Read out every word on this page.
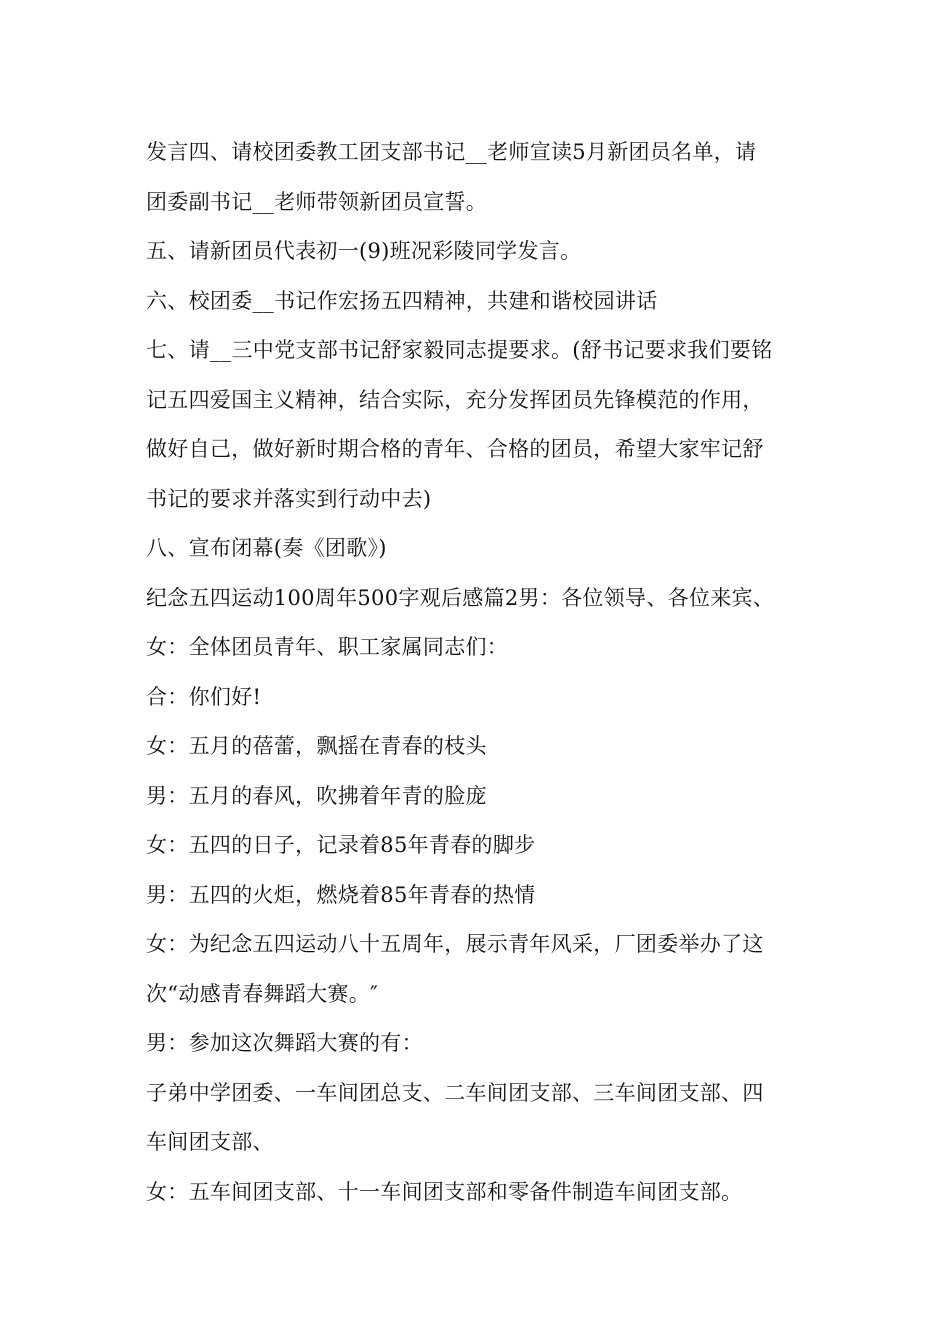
发言四、请校团委教工团支部书记__老师宣读5月新团员名单，请
团委副书记__老师带领新团员宣誓。
五、请新团员代表初一(9)班况彩陵同学发言。
六、校团委__书记作宏扬五四精神，共建和谐校园讲话
七、请__三中党支部书记舒家毅同志提要求。(舒书记要求我们要铭
记五四爱国主义精神，结合实际，充分发挥团员先锋模范的作用，
做好自己，做好新时期合格的青年、合格的团员，希望大家牢记舒
书记的要求并落实到行动中去)
八、宣布闭幕(奏《团歌》)
纪念五四运动100周年500字观后感篇2男：各位领导、各位来宾、
女：全体团员青年、职工家属同志们：
合：你们好!
女：五月的蓓蕾，飘摇在青春的枝头
男：五月的春风，吹拂着年青的脸庞
女：五四的日子，记录着85年青春的脚步
男：五四的火炬，燃烧着85年青春的热情
女：为纪念五四运动八十五周年，展示青年风采，厂团委举办了这
次“动感青春舞蹈大赛。″
男：参加这次舞蹈大赛的有：
子弟中学团委、一车间团总支、二车间团支部、三车间团支部、四
车间团支部、
女：五车间团支部、十一车间团支部和零备件制造车间团支部。
